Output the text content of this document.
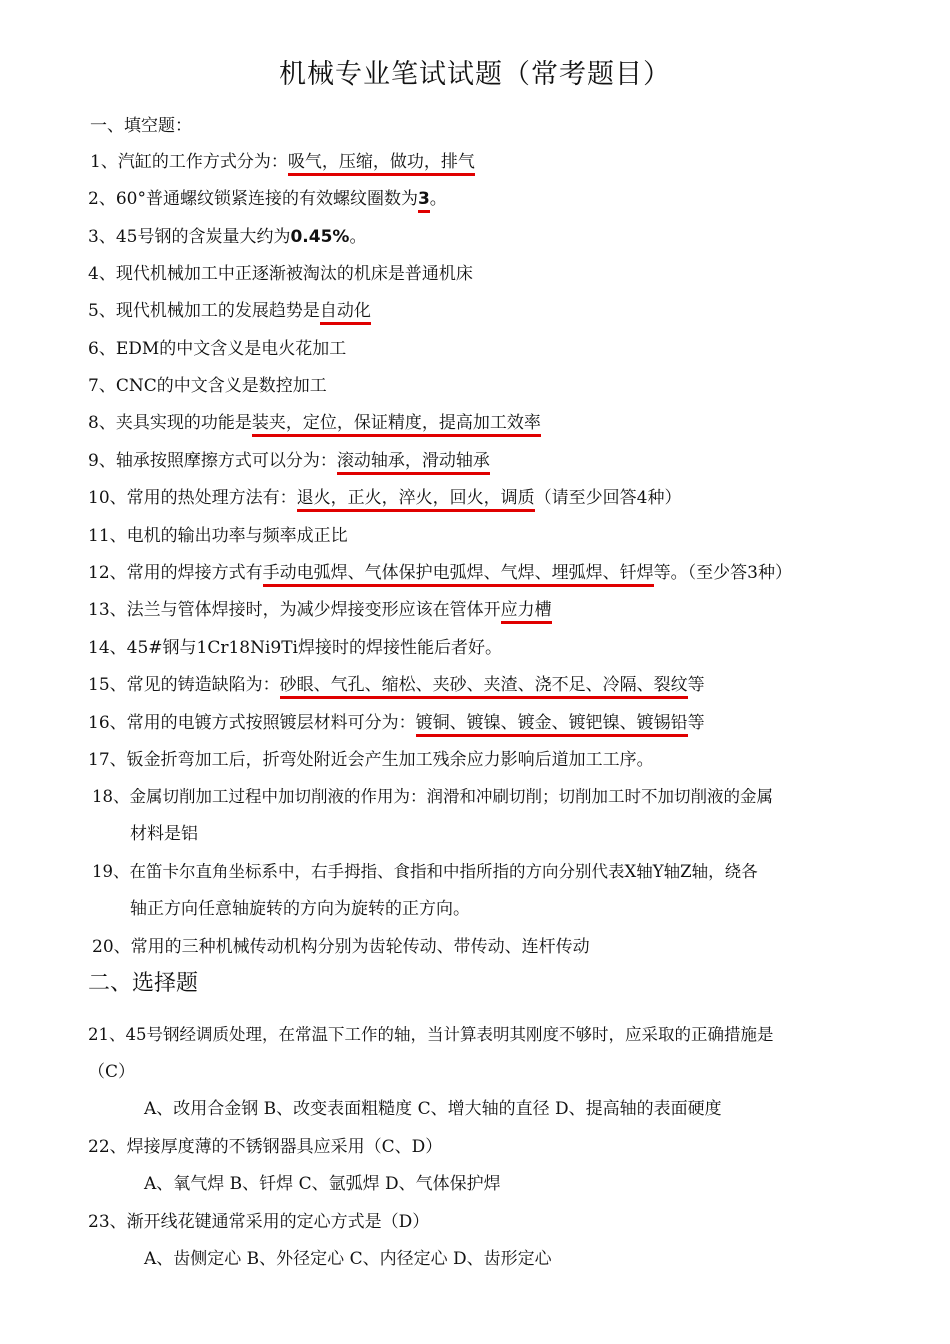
机械专业笔试试题（常考题目）
一、填空题：
1、汽缸的工作方式分为：吸气，压缩，做功，排气
2、60°普通螺纹锁紧连接的有效螺纹圈数为3。
3、45号钢的含炭量大约为0.45%。
4、现代机械加工中正逐渐被淘汰的机床是普通机床
5、现代机械加工的发展趋势是自动化
6、EDM的中文含义是电火花加工
7、CNC的中文含义是数控加工
8、夹具实现的功能是装夹，定位，保证精度，提高加工效率
9、轴承按照摩擦方式可以分为：滚动轴承，滑动轴承
10、常用的热处理方法有：退火，正火，淬火，回火，调质（请至少回答4种）
11、电机的输出功率与频率成正比
12、常用的焊接方式有手动电弧焊、气体保护电弧焊、气焊、埋弧焊、钎焊等。（至少答3种）
13、法兰与管体焊接时，为减少焊接变形应该在管体开应力槽
14、45#钢与1Cr18Ni9Ti焊接时的焊接性能后者好。
15、常见的铸造缺陷为：砂眼、气孔、缩松、夹砂、夹渣、浇不足、冷隔、裂纹等
16、常用的电镀方式按照镀层材料可分为：镀铜、镀镍、镀金、镀钯镍、镀锡铅等
17、钣金折弯加工后，折弯处附近会产生加工残余应力影响后道加工工序。
18、金属切削加工过程中加切削液的作用为：润滑和冲刷切削；切削加工时不加切削液的金属
材料是铝
19、在笛卡尔直角坐标系中，右手拇指、食指和中指所指的方向分别代表X轴Y轴Z轴，绕各
轴正方向任意轴旋转的方向为旋转的正方向。
20、常用的三种机械传动机构分别为齿轮传动、带传动、连杆传动
二、选择题
21、45号钢经调质处理，在常温下工作的轴，当计算表明其刚度不够时，应采取的正确措施是
（C）
A、改用合金钢 B、改变表面粗糙度 C、增大轴的直径 D、提高轴的表面硬度
22、焊接厚度薄的不锈钢器具应采用（C、D）
A、氧气焊 B、钎焊 C、氩弧焊 D、气体保护焊
23、渐开线花键通常采用的定心方式是（D）
A、齿侧定心 B、外径定心 C、内径定心 D、齿形定心
